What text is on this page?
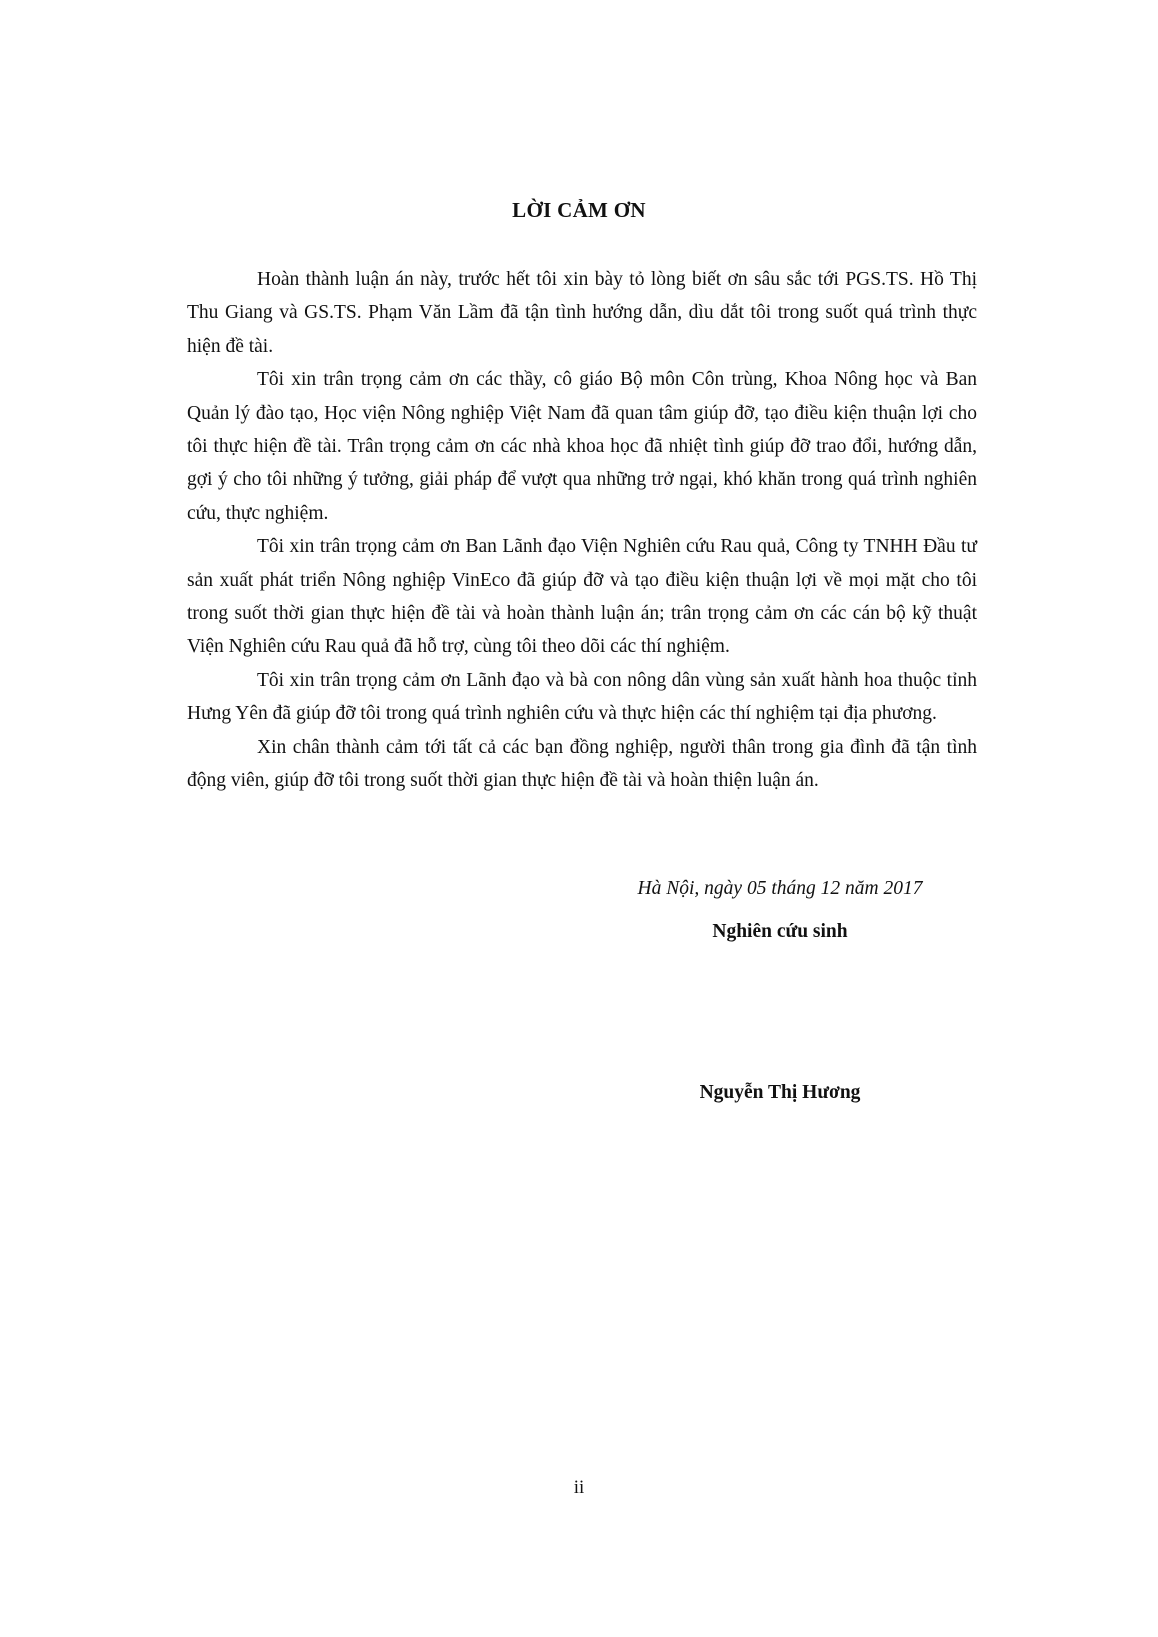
LỜI CẢM ƠN

Hoàn thành luận án này, trước hết tôi xin bày tỏ lòng biết ơn sâu sắc tới PGS.TS. Hồ Thị Thu Giang và GS.TS. Phạm Văn Lầm đã tận tình hướng dẫn, dìu dắt tôi trong suốt quá trình thực hiện đề tài.

Tôi xin trân trọng cảm ơn các thầy, cô giáo Bộ môn Côn trùng, Khoa Nông học và Ban Quản lý đào tạo, Học viện Nông nghiệp Việt Nam đã quan tâm giúp đỡ, tạo điều kiện thuận lợi cho tôi thực hiện đề tài. Trân trọng cảm ơn các nhà khoa học đã nhiệt tình giúp đỡ trao đổi, hướng dẫn, gợi ý cho tôi những ý tưởng, giải pháp để vượt qua những trở ngại, khó khăn trong quá trình nghiên cứu, thực nghiệm.

Tôi xin trân trọng cảm ơn Ban Lãnh đạo Viện Nghiên cứu Rau quả, Công ty TNHH Đầu tư sản xuất phát triển Nông nghiệp VinEco đã giúp đỡ và tạo điều kiện thuận lợi về mọi mặt cho tôi trong suốt thời gian thực hiện đề tài và hoàn thành luận án; trân trọng cảm ơn các cán bộ kỹ thuật Viện Nghiên cứu Rau quả đã hỗ trợ, cùng tôi theo dõi các thí nghiệm.

Tôi xin trân trọng cảm ơn Lãnh đạo và bà con nông dân vùng sản xuất hành hoa thuộc tỉnh Hưng Yên đã giúp đỡ tôi trong quá trình nghiên cứu và thực hiện các thí nghiệm tại địa phương.

Xin chân thành cảm tới tất cả các bạn đồng nghiệp, người thân trong gia đình đã tận tình động viên, giúp đỡ tôi trong suốt thời gian thực hiện đề tài và hoàn thiện luận án.

Hà Nội, ngày 05 tháng 12 năm 2017
Nghiên cứu sinh
Nguyễn Thị Hương
ii
